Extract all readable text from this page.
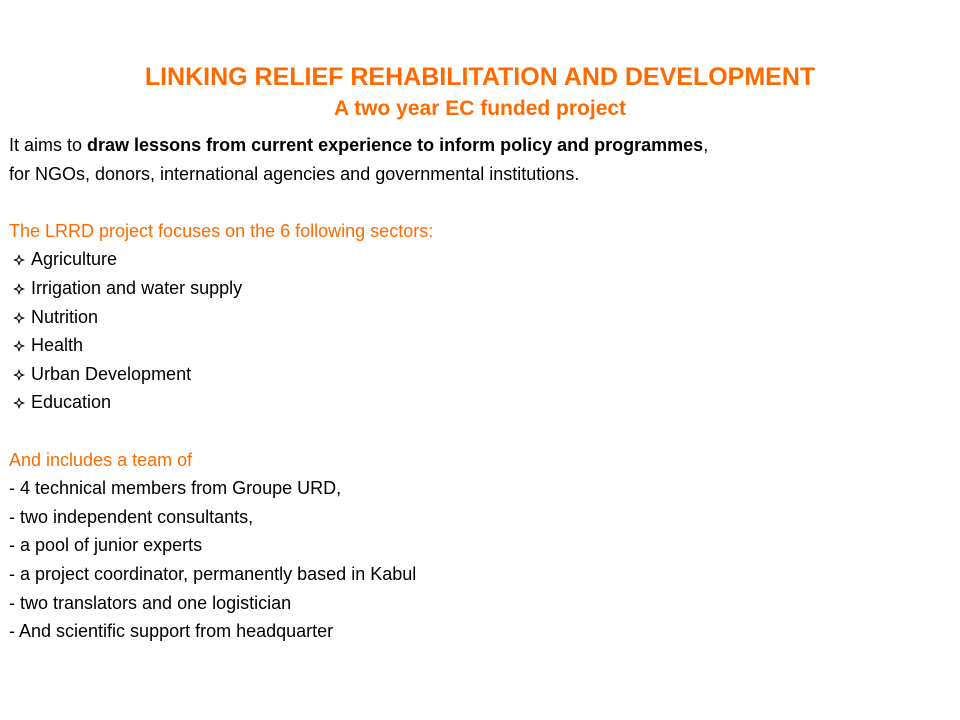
LINKING RELIEF REHABILITATION AND DEVELOPMENT
A two year EC funded project
It aims to draw lessons from current experience to inform policy and programmes,
for NGOs, donors, international agencies and governmental institutions.
The LRRD project focuses on the 6 following sectors:
Agriculture
Irrigation and water supply
Nutrition
Health
Urban Development
Education
And includes a team of
- 4 technical members from Groupe URD,
- two independent consultants,
- a pool of junior experts
- a project coordinator, permanently based in Kabul
- two translators and one logistician
- And scientific support from headquarter
